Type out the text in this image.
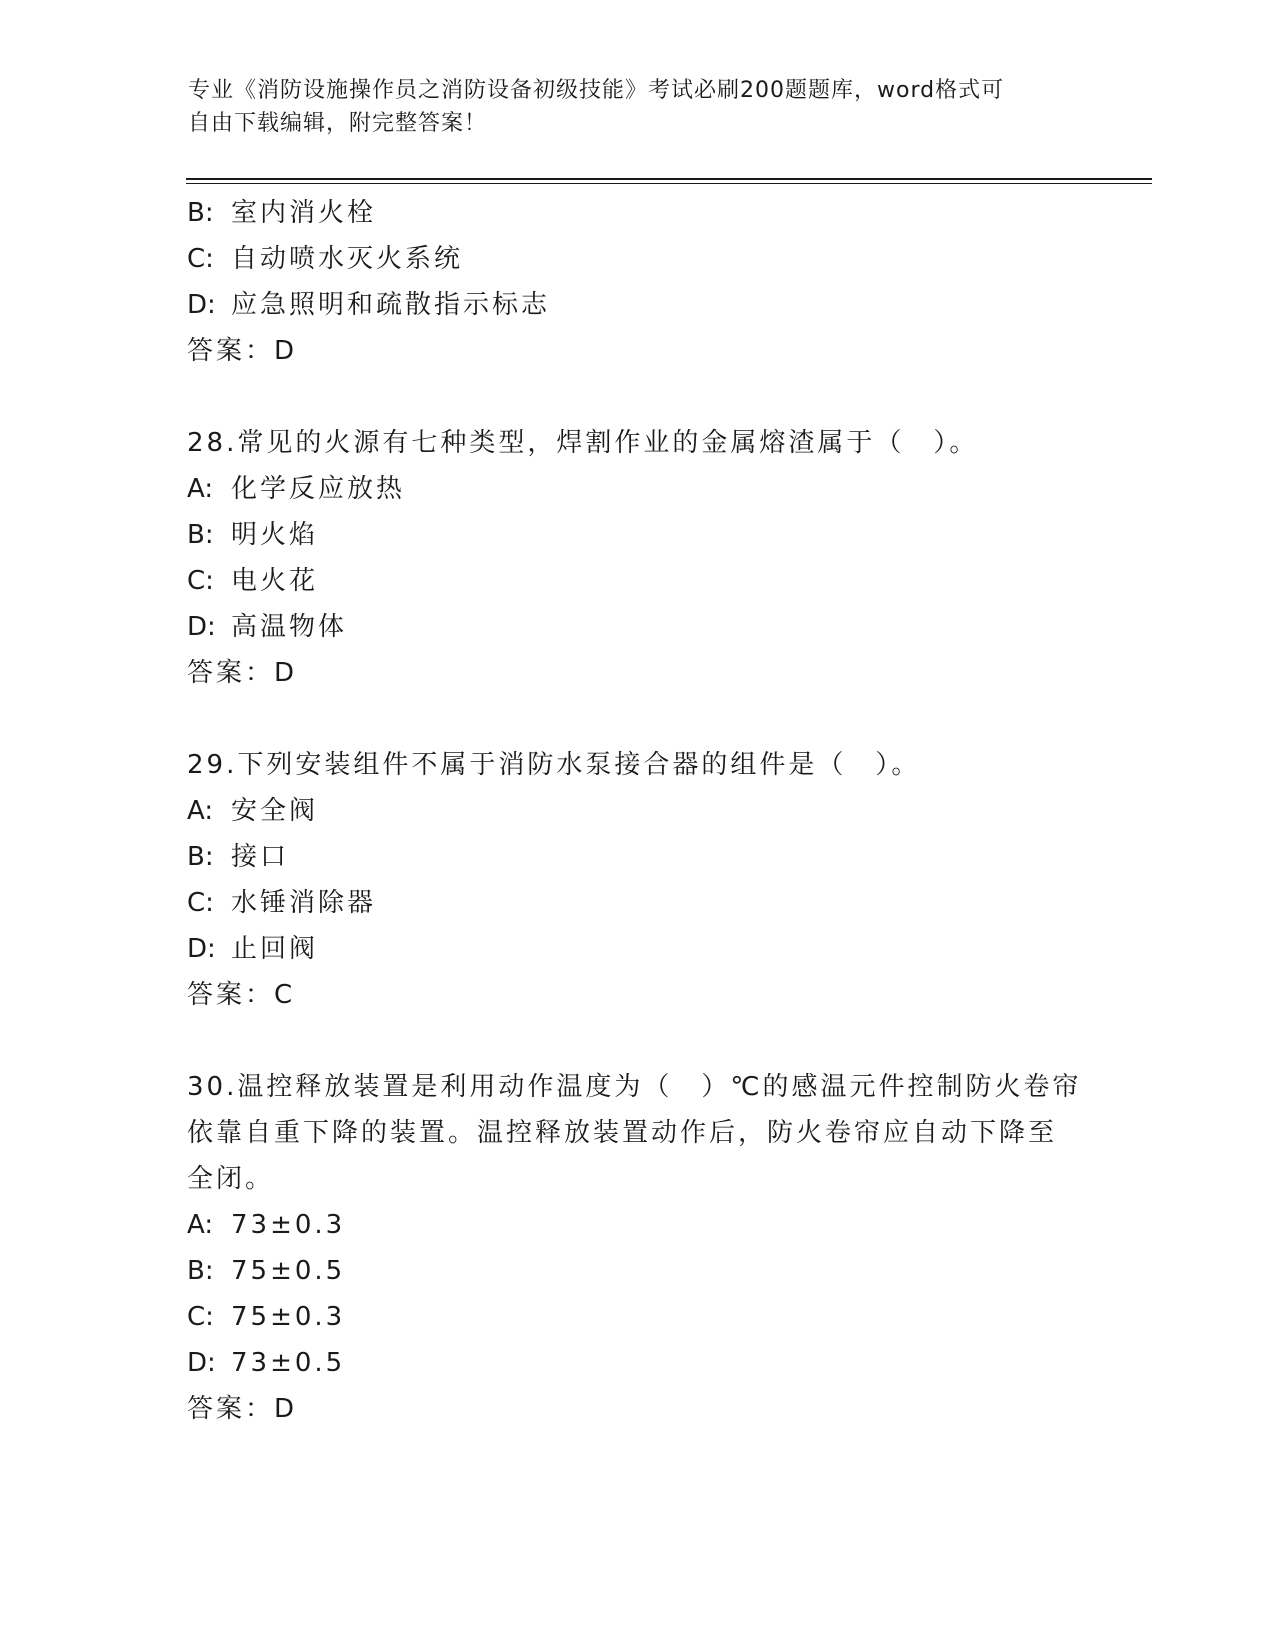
专业《消防设施操作员之消防设备初级技能》考试必刷200题题库，word格式可
自由下载编辑，附完整答案！
B: 室内消火栓
C: 自动喷水灭火系统
D: 应急照明和疏散指示标志
答案：D
28.常见的火源有七种类型，焊割作业的金属熔渣属于（　）。
A: 化学反应放热
B: 明火焰
C: 电火花
D: 高温物体
答案：D
29.下列安装组件不属于消防水泵接合器的组件是（　）。
A: 安全阀
B: 接口
C: 水锤消除器
D: 止回阀
答案：C
30.温控释放装置是利用动作温度为（　）℃的感温元件控制防火卷帘
依靠自重下降的装置。温控释放装置动作后，防火卷帘应自动下降至
全闭。
A: 73±0.3
B: 75±0.5
C: 75±0.3
D: 73±0.5
答案：D
